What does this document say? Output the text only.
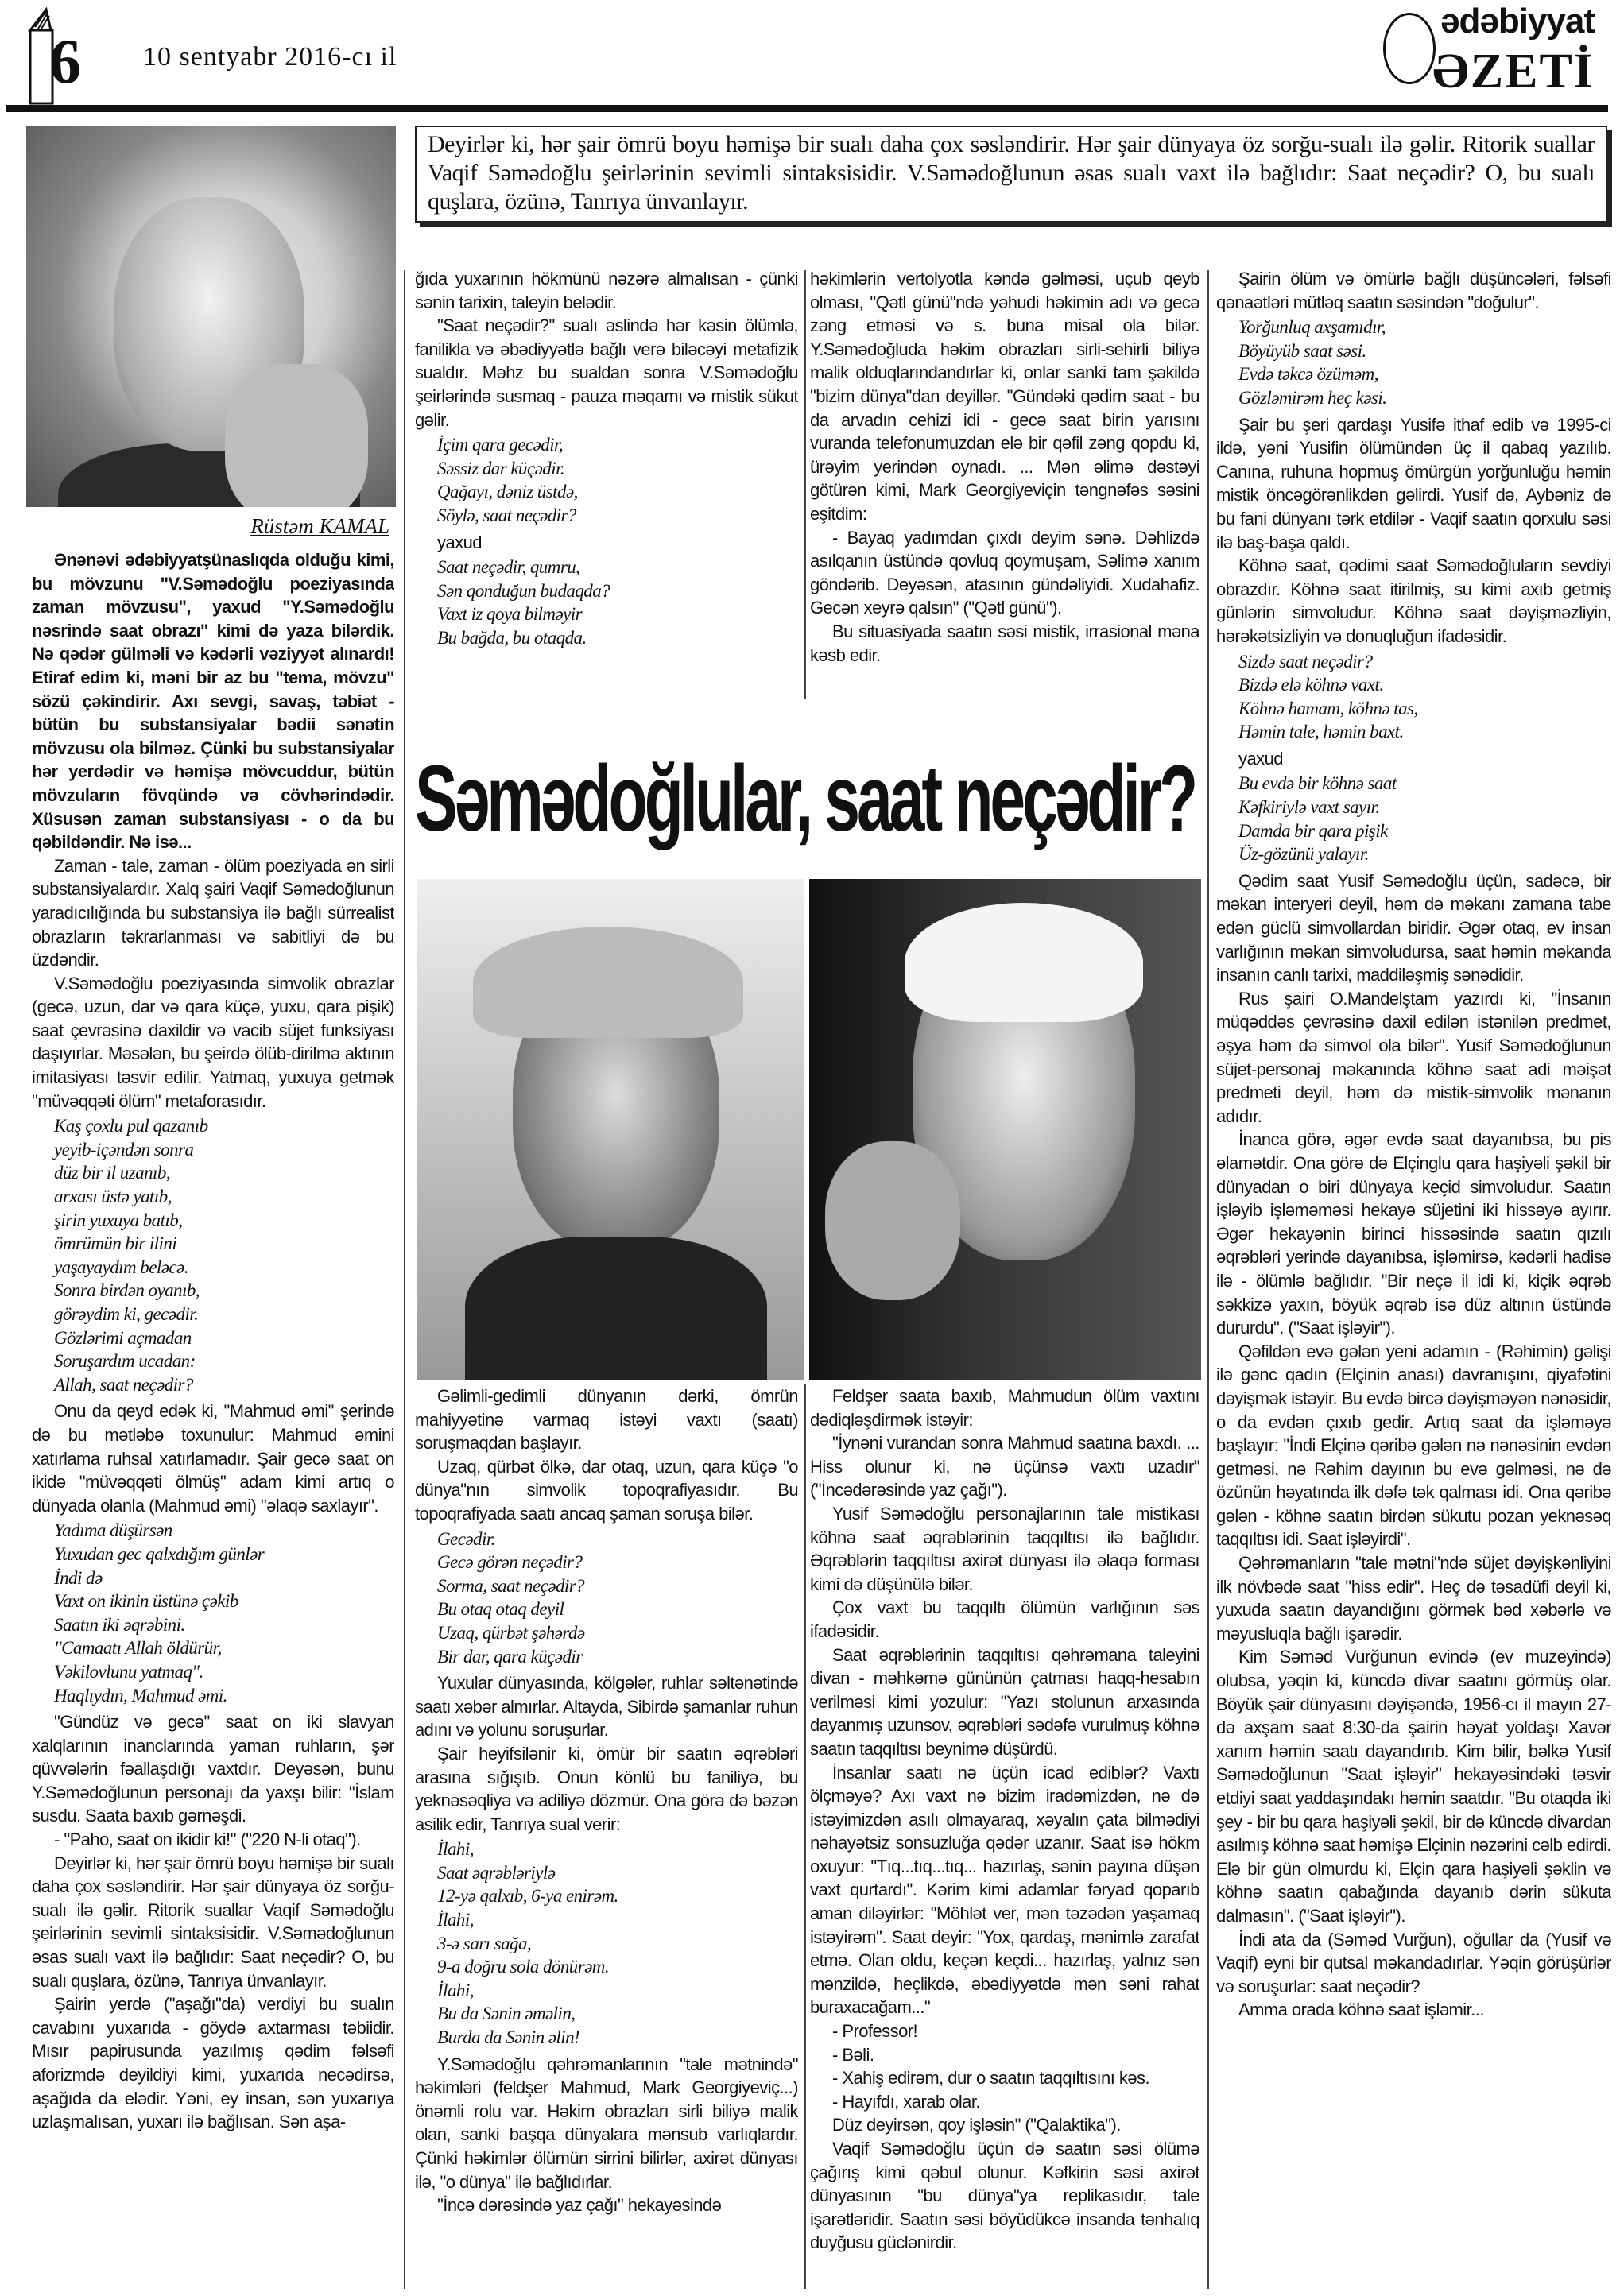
6 10 sentyabr 2016-cı il
ədəbiyyat
ƏZETİ
Rüstəm KAMAL
Deyirlər ki, hər şair ömrü boyu həmişə bir sualı daha çox səsləndirir. Hər şair dünyaya öz sorğu-sualı ilə gəlir. Ritorik suallar Vaqif Səmədoğlu şeirlərinin sevimli sintaksisidir. V.Səmədoğlunun əsas sualı vaxt ilə bağlıdır: Saat neçədir? O, bu sualı quşlara, özünə, Tanrıya ünvanlayır.

Ənənəvi ədəbiyyatşünaslıqda olduğu kimi, bu mövzunu "V.Səmədoğlu poeziyasında zaman mövzusu", yaxud "Y.Səmədoğlu nəsrində saat obrazı" kimi də yaza bilərdik. Nə qədər gülməli və kədərli vəziyyət alınardı! Etiraf edim ki, məni bir az bu "tema, mövzu" sözü çəkindirir. Axı sevgi, savaş, təbiət - bütün bu substansiyalar bədii sənətin mövzusu ola bilməz. Çünki bu substansiyalar hər yerdədir və həmişə mövcuddur, bütün mövzuların fövqündə və cövhərindədir. Xüsusən zaman substansiyası - o da bu qəbildəndir. Nə isə...

Zaman - tale, zaman - ölüm poeziyada ən sirli substansiyalardır. Xalq şairi Vaqif Səmədoğlunun yaradıcılığında bu substansiya ilə bağlı sürrealist obrazların təkrarlanması və sabitliyi də bu üzdəndir.

V.Səmədoğlu poeziyasında simvolik obrazlar (gecə, uzun, dar və qara küçə, yuxu, qara pişik) saat çevrəsinə daxildir və vacib süjet funksiyası daşıyırlar. Məsələn, bu şeirdə ölüb-dirilmə aktının imitasiyası təsvir edilir. Yatmaq, yuxuya getmək "müvəqqəti ölüm" metaforasıdır.

Kaş çoxlu pul qazanıb
yeyib-içəndən sonra
düz bir il uzanıb,
arxası üstə yatıb,
şirin yuxuya batıb,
ömrümün bir ilini
yaşayaydım beləcə.
Sonra birdən oyanıb,
görəydim ki, gecədir.
Gözlərimi açmadan
Soruşardım ucadan:
Allah, saat neçədir?

Onu da qeyd edək ki, "Mahmud əmi" şerində də bu mətləbə toxunulur: Mahmud əmini xatırlama ruhsal xatırlamadır. Şair gecə saat on ikidə "müvəqqəti ölmüş" adam kimi artıq o dünyada olanla (Mahmud əmi) "əlaqə saxlayır".

Yadıma düşürsən
Yuxudan gec qalxdığım günlər
İndi də
Vaxt on ikinin üstünə çəkib
Saatın iki əqrəbini.
"Camaatı Allah öldürür,
Vəkilovlunu yatmaq".
Haqlıydın, Mahmud əmi.

"Gündüz və gecə" saat on iki slavyan xalqlarının inanclarında yaman ruhların, şər qüvvələrin fəallaşdığı vaxtdır. Deyəsən, bunu Y.Səmədoğlunun personajı da yaxşı bilir: "İslam susdu. Saata baxıb gərnəşdi.

- "Paho, saat on ikidir ki!" ("220 N-li otaq").

Deyirlər ki, hər şair ömrü boyu həmişə bir sualı daha çox səsləndirir. Hər şair dünyaya öz sorğu-sualı ilə gəlir. Ritorik suallar Vaqif Səmədoğlu şeirlərinin sevimli sintaksisidir. V.Səmədoğlunun əsas sualı vaxt ilə bağlıdır: Saat neçədir? O, bu sualı quşlara, özünə, Tanrıya ünvanlayır.

Şairin yerdə ("aşağı"da) verdiyi bu sualın cavabını yuxarıda - göydə axtarması təbiidir. Mısır papirusunda yazılmış qədim fəlsəfi aforizmdə deyildiyi kimi, yuxarıda necədirsə, aşağıda da elədir. Yəni, ey insan, sən yuxarıya uzlaşmalısan, yuxarı ilə bağlısan. Sən aşa-

ğıda yuxarının hökmünü nəzərə almalısan - çünki sənin tarixin, taleyin belədir.

"Saat neçədir?" sualı əslində hər kəsin ölümlə, fanilikla və əbədiyyətlə bağlı verə biləcəyi metafizik sualdır. Məhz bu sualdan sonra V.Səmədoğlu şeirlərində susmaq - pauza məqamı və mistik sükut gəlir.

İçim qara gecədir,
Səssiz dar küçədir.
Qağayı, dəniz üstdə,
Söylə, saat neçədir?

yaxud

Saat neçədir, qumru,
Sən qonduğun budaqda?
Vaxt iz qoya bilməyir
Bu bağda, bu otaqda.

həkimlərin vertolyotla kəndə gəlməsi, uçub qeyb olması, "Qətl günü"ndə yəhudi həkimin adı və gecə zəng etməsi və s. buna misal ola bilər. Y.Səmədoğluda həkim obrazları sirli-sehirli biliyə malik olduqlarındandırlar ki, onlar sanki tam şəkildə "bizim dünya"dan deyillər. "Gündəki qədim saat - bu da arvadın cehizi idi - gecə saat birin yarısını vuranda telefonumuzdan elə bir qəfil zəng qopdu ki, ürəyim yerindən oynadı. ... Mən əlimə dəstəyi götürən kimi, Mark Georgiyeviçin təngnəfəs səsini eşitdim:

- Bayaq yadımdan çıxdı deyim sənə. Dəhlizdə asılqanın üstündə qovluq qoymuşam, Səlimə xanım göndərib. Deyəsən, atasının gündəliyidi. Xudahafiz. Gecən xeyrə qalsın" ("Qətl günü").

Bu situasiyada saatın səsi mistik, irrasional məna kəsb edir.

Şairin ölüm və ömürlə bağlı düşüncələri, fəlsəfi qənaətləri mütləq saatın səsindən "doğulur".

Yorğunluq axşamıdır,
Böyüyüb saat səsi.
Evdə təkcə özüməm,
Gözləmirəm heç kəsi.

Şair bu şeri qardaşı Yusifə ithaf edib və 1995-ci ildə, yəni Yusifin ölümündən üç il qabaq yazılıb. Canına, ruhuna hopmuş ömürgün yorğunluğu həmin mistik öncəgörənlikdən gəlirdi. Yusif də, Aybəniz də bu fani dünyanı tərk etdilər - Vaqif saatın qorxulu səsi ilə baş-başa qaldı.

Köhnə saat, qədimi saat Səmədoğluların sevdiyi obrazdır. Köhnə saat itirilmiş, su kimi axıb getmiş günlərin simvoludur. Köhnə saat dəyişməzliyin, hərəkətsizliyin və donuqluğun ifadəsidir.

Sizdə saat neçədir?
Bizdə elə köhnə vaxt.
Köhnə hamam, köhnə tas,
Həmin tale, həmin baxt.

yaxud

Bu evdə bir köhnə saat
Kəfkiriylə vaxt sayır.
Damda bir qara pişik
Üz-gözünü yalayır.

Qədim saat Yusif Səmədoğlu üçün, sadəcə, bir məkan interyeri deyil, həm də məkanı zamana tabe edən güclü simvollardan biridir. Əgər otaq, ev insan varlığının məkan simvoludursa, saat həmin məkanda insanın canlı tarixi, maddiləşmiş sənədidir.

Rus şairi O.Mandelştam yazırdı ki, "İnsanın müqəddəs çevrəsinə daxil edilən istənilən predmet, əşya həm də simvol ola bilər". Yusif Səmədoğlunun süjet-personaj məkanında köhnə saat adi məişət predmeti deyil, həm də mistik-simvolik mənanın adıdır.

İnanca görə, əgər evdə saat dayanıbsa, bu pis əlamətdir. Ona görə də Elçinglu qara haşiyəli şəkil bir dünyadan o biri dünyaya keçid simvoludur. Saatın işləyib işləməməsi hekayə süjetini iki hissəyə ayırır. Əgər hekayənin birinci hissəsində saatın qızılı əqrəbləri yerində dayanıbsa, işləmirsə, kədərli hadisə ilə - ölümlə bağlıdır. "Bir neçə il idi ki, kiçik əqrəb səkkizə yaxın, böyük əqrəb isə düz altının üstündə dururdu". ("Saat işləyir").

Qəfildən evə gələn yeni adamın - (Rəhimin) gəlişi ilə gənc qadın (Elçinin anası) davranışını, qiyafətini dəyişmək istəyir. Bu evdə bircə dəyişməyən nənəsidir, o da evdən çıxıb gedir. Artıq saat da işləməyə başlayır: "İndi Elçinə qəribə gələn nə nənəsinin evdən getməsi, nə Rəhim dayının bu evə gəlməsi, nə də özünün həyatında ilk dəfə tək qalması idi. Ona qəribə gələn - köhnə saatın birdən sükutu pozan yeknəsəq taqqıltısı idi. Saat işləyirdi".

Qəhrəmanların "tale mətni"ndə süjet dəyişkənliyini ilk növbədə saat "hiss edir". Heç də təsadüfi deyil ki, yuxuda saatın dayandığını görmək bəd xəbərlə və məyusluqla bağlı işarədir.

Kim Səməd Vurğunun evində (ev muzeyində) olubsa, yəqin ki, küncdə divar saatını görmüş olar. Böyük şair dünyasını dəyişəndə, 1956-cı il mayın 27-də axşam saat 8:30-da şairin həyat yoldaşı Xavər xanım həmin saatı dayandırıb. Kim bilir, bəlkə Yusif Səmədoğlunun "Saat işləyir" hekayəsindəki təsvir etdiyi saat yaddaşındakı həmin saatdır. "Bu otaqda iki şey - bir bu qara haşiyəli şəkil, bir də küncdə divardan asılmış köhnə saat həmişə Elçinin nəzərini cəlb edirdi. Elə bir gün olmurdu ki, Elçin qara haşiyəli şəklin və köhnə saatın qabağında dayanıb dərin sükuta dalmasın". ("Saat işləyir").

İndi ata da (Səməd Vurğun), oğullar da (Yusif və Vaqif) eyni bir qutsal məkandadırlar. Yəqin görüşürlər və soruşurlar: saat neçədir?

Amma orada köhnə saat işləmir...

Səmədoğlular, saat neçədir?

Gəlimli-gedimli dünyanın dərki, ömrün mahiyyətinə varmaq istəyi vaxtı (saatı) soruşmaqdan başlayır.

Uzaq, qürbət ölkə, dar otaq, uzun, qara küçə "o dünya"nın simvolik topoqrafiyasıdır. Bu topoqrafiyada saatı ancaq şaman soruşa bilər.

Gecədir.
Gecə görən neçədir?
Sorma, saat neçədir?
Bu otaq otaq deyil
Uzaq, qürbət şəhərdə
Bir dar, qara küçədir

Yuxular dünyasında, kölgələr, ruhlar səltənətində saatı xəbər almırlar. Altayda, Sibirdə şamanlar ruhun adını və yolunu soruşurlar.

Şair heyifsilənir ki, ömür bir saatın əqrəbləri arasına sığışıb. Onun könlü bu faniliyə, bu yeknəsəqliyə və adiliyə dözmür. Ona görə də bəzən asilik edir, Tanrıya sual verir:

İlahi,
Saat əqrəbləriylə
12-yə qalxıb, 6-ya enirəm.
İlahi,
3-ə sarı sağa,
9-a doğru sola dönürəm.
İlahi,
Bu da Sənin əməlin,
Burda da Sənin əlin!

Y.Səmədoğlu qəhrəmanlarının "tale mətnində" həkimləri (feldşer Mahmud, Mark Georgiyeviç...) önəmli rolu var. Həkim obrazları sirli biliyə malik olan, sanki başqa dünyalara mənsub varlıqlardır. Çünki həkimlər ölümün sirrini bilirlər, axirət dünyası ilə, "o dünya" ilə bağlıdırlar.

"İncə dərəsində yaz çağı" hekayəsində

Feldşer saata baxıb, Mahmudun ölüm vaxtını dədiqləşdirmək istəyir:

"İynəni vurandan sonra Mahmud saatına baxdı. ... Hiss olunur ki, nə üçünsə vaxtı uzadır" ("İncədərəsində yaz çağı").

Yusif Səmədoğlu personajlarının tale mistikası köhnə saat əqrəblərinin taqqıltısı ilə bağlıdır. Əqrəblərin taqqıltısı axirət dünyası ilə əlaqə forması kimi də düşünülə bilər.

Çox vaxt bu taqqıltı ölümün varlığının səs ifadəsidir.

Saat əqrəblərinin taqqıltısı qəhrəmana taleyini divan - məhkəmə gününün çatması haqq-hesabın verilməsi kimi yozulur: "Yazı stolunun arxasında dayanmış uzunsov, əqrəbləri sədəfə vurulmuş köhnə saatın taqqıltısı beynimə düşürdü.

İnsanlar saatı nə üçün icad ediblər? Vaxtı ölçməyə? Axı vaxt nə bizim iradəmizdən, nə də istəyimizdən asılı olmayaraq, xəyalın çata bilmədiyi nəhayətsiz sonsuzluğa qədər uzanır. Saat isə hökm oxuyur: "Tıq...tıq...tıq... hazırlaş, sənin payına düşən vaxt qurtardı". Kərim kimi adamlar fəryad qoparıb aman diləyirlər: "Möhlət ver, mən təzədən yaşamaq istəyirəm". Saat deyir: "Yox, qardaş, mənimlə zarafat etmə. Olan oldu, keçən keçdi... hazırlaş, yalnız sən mənzildə, heçlikdə, əbədiyyətdə mən səni rahat buraxacağam..."

- Professor!

- Bəli.

- Xahiş edirəm, dur o saatın taqqıltısını kəs.

- Hayıfdı, xarab olar.

Düz deyirsən, qoy işləsin" ("Qalaktika").

Vaqif Səmədoğlu üçün də saatın səsi ölümə çağırış kimi qəbul olunur. Kəfkirin səsi axirət dünyasının "bu dünya"ya replikasıdır, tale işarətləridir. Saatın səsi böyüdükcə insanda tənhalıq duyğusu güclənirdir.
